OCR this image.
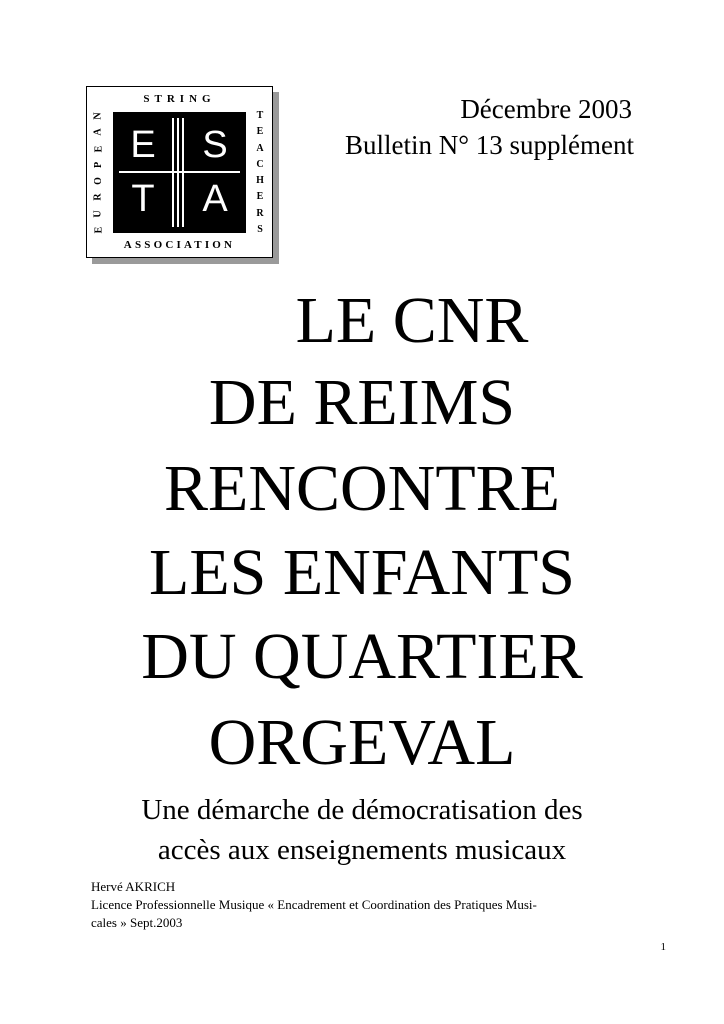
STRING
N
A
E
P
O
R
U
E
T
E
A
C
H
E
R
S
E S
T A
ASSOCIATION
Décembre 2003
Bulletin N° 13 supplément
LE CNR
DE REIMS
RENCONTRE
LES ENFANTS
DU QUARTIER
ORGEVAL
Une démarche de démocratisation des
accès aux enseignements musicaux
Hervé AKRICH
Licence Professionnelle Musique « Encadrement et Coordination des Pratiques Musi-
cales » Sept.2003
1
